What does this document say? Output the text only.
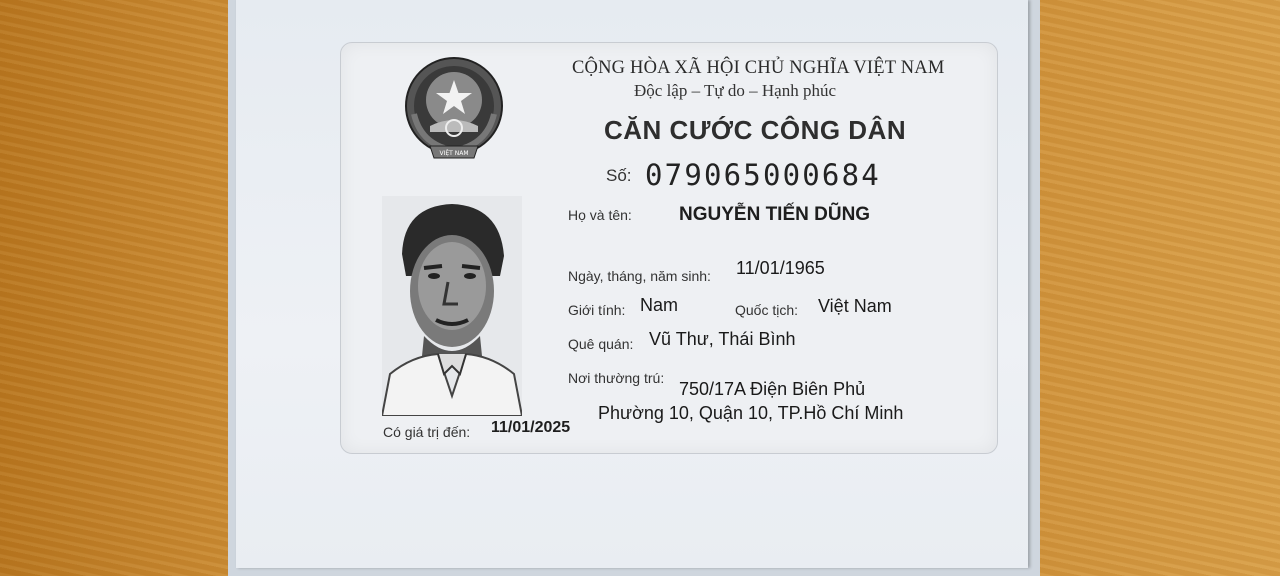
VIỆT NAM
CỘNG HÒA XÃ HỘI CHỦ NGHĨA VIỆT NAM
Độc lập – Tự do – Hạnh phúc
CĂN CƯỚC CÔNG DÂN
Số: 079065000684
Họ và tên: NGUYỄN TIẾN DŨNG
Ngày, tháng, năm sinh: 11/01/1965
Giới tính: Nam	Quốc tịch: Việt Nam
Quê quán: Vũ Thư, Thái Bình
Nơi thường trú:
750/17A Điện Biên Phủ
Phường 10, Quận 10, TP.Hồ Chí Minh
Có giá trị đến: 11/01/2025
